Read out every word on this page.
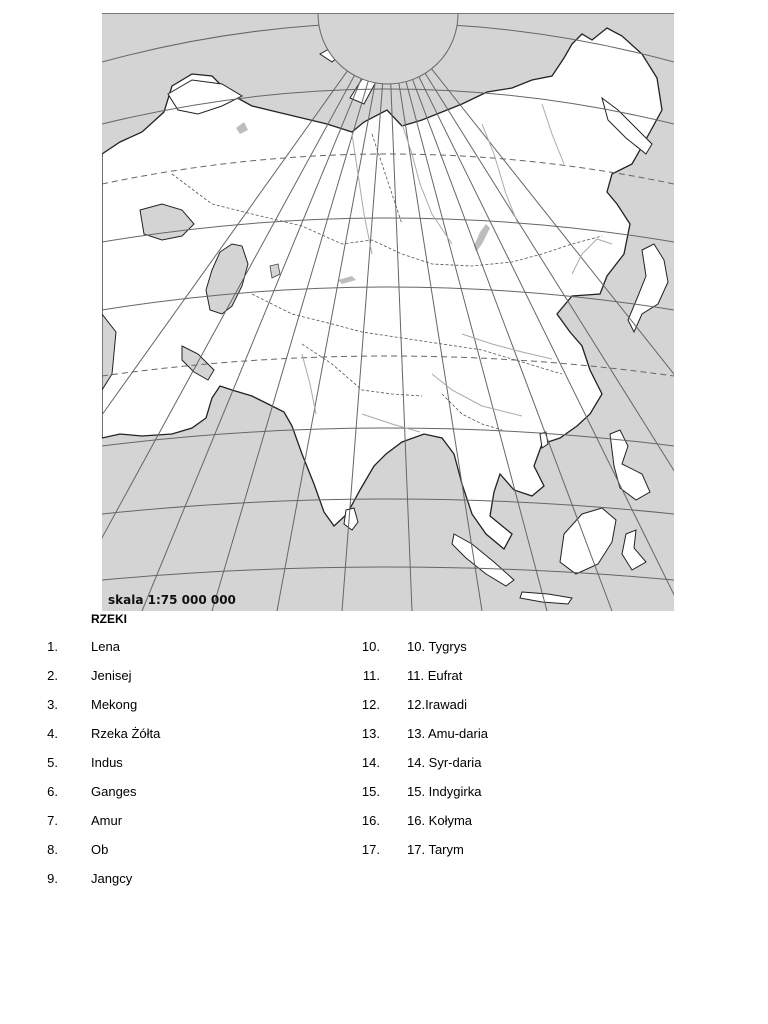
skala 1:75 000 000
RZEKI
1.	Lena
2.	Jenisej
3.	Mekong
4.	Rzeka Żółta
5.	Indus
6.	Ganges
7.	Amur
8.	Ob
9.	Jangcy
10. 10. Tygrys
11. 11. Eufrat
12. 12.Irawadi
13. 13. Amu-daria
14. 14. Syr-daria
15. 15. Indygirka
16. 16. Kołyma
17. 17. Tarym
